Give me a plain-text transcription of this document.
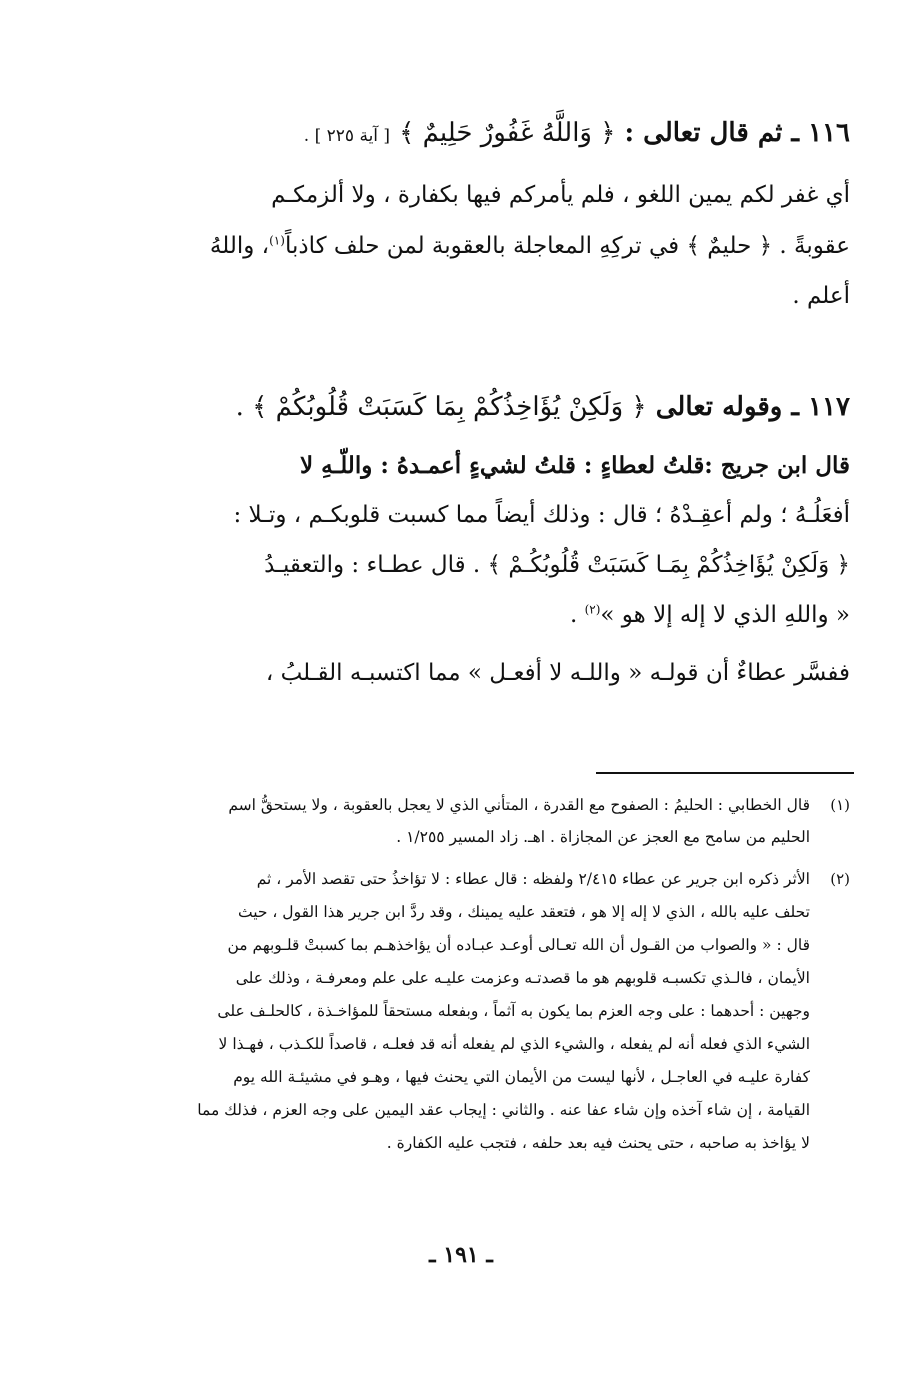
١١٦ ـ ثم قال تعالى : ﴿ وَاللَّهُ غَفُورٌ حَلِيمٌ ﴾ [ آية ٢٢٥ ] .
أي غفر لكم يمين اللغو ، فلم يأمركم فيها بكفارة ، ولا ألزمكـم
عقوبةً . ﴿ حليمٌ ﴾ في تركِهِ المعاجلة بالعقوبة لمن حلف كاذباً$^{(١)}$، واللهُ
أعلم .
١١٧ ـ وقوله تعالى ﴿ وَلَكِنْ يُؤَاخِذُكُمْ بِمَا كَسَبَتْ قُلُوبُكُمْ ﴾ .
قال ابن جريج :قلتُ لعطاءٍ : قلتُ لشيءٍ أعمـدهُ : واللّـهِ لا
أفعَلُـهُ ؛ ولم أعقِـدْهُ ؛ قال : وذلك أيضاً مما كسبت قلوبكـم ، وتـلا :
﴿ وَلَكِنْ يُؤَاخِذُكُمْ بِمَـا كَسَبَتْ قُلُوبُكُـمْ ﴾ . قال عطـاء : والتعقيـدُ
« واللهِ الذي لا إله إلا هو »$^{(٢)}$ .
ففسَّر عطاءٌ أن قولـه « واللـه لا أفعـل » مما اكتسبـه القـلبُ ،
(١)قال الخطابي : الحليمُ : الصفوح مع القدرة ، المتأني الذي لا يعجل بالعقوبة ، ولا يستحقُّ اسم
الحليم من سامح مع العجز عن المجازاة . اهـ. زاد المسير ١/٢٥٥ .
(٢)الأثر ذكره ابن جرير عن عطاء ٢/٤١٥ ولفظه : قال عطاء : لا تؤاخذُ حتى تقصد الأمر ، ثم
تحلف عليه بالله ، الذي لا إله إلا هو ، فتعقد عليه يمينك ، وقد ردَّ ابن جرير هذا القول ، حيث
قال : « والصواب من القـول أن الله تعـالى أوعـد عبـاده أن يؤاخذهـم بما كسبتْ قلـوبهم من
الأيمان ، فالـذي تكسبـه قلوبهم هو ما قصدتـه وعزمت عليـه على علم ومعرفـة ، وذلك على
وجهين : أحدهما : على وجه العزم بما يكون به آثماً ، وبفعله مستحقاً للمؤاخـذة ، كالحلـف على
الشيء الذي فعله أنه لم يفعله ، والشيء الذي لم يفعله أنه قد فعلـه ، قاصداً للكـذب ، فهـذا لا
كفارة عليـه في العاجـل ، لأنها ليست من الأيمان التي يحنث فيها ، وهـو في مشيئـة الله يوم
القيامة ، إن شاء آخذه وإن شاء عفا عنه . والثاني : إيجاب عقد اليمين على وجه العزم ، فذلك مما
لا يؤاخذ به صاحبه ، حتى يحنث فيه بعد حلفه ، فتجب عليه الكفارة .
ـ ١٩١ ـ
